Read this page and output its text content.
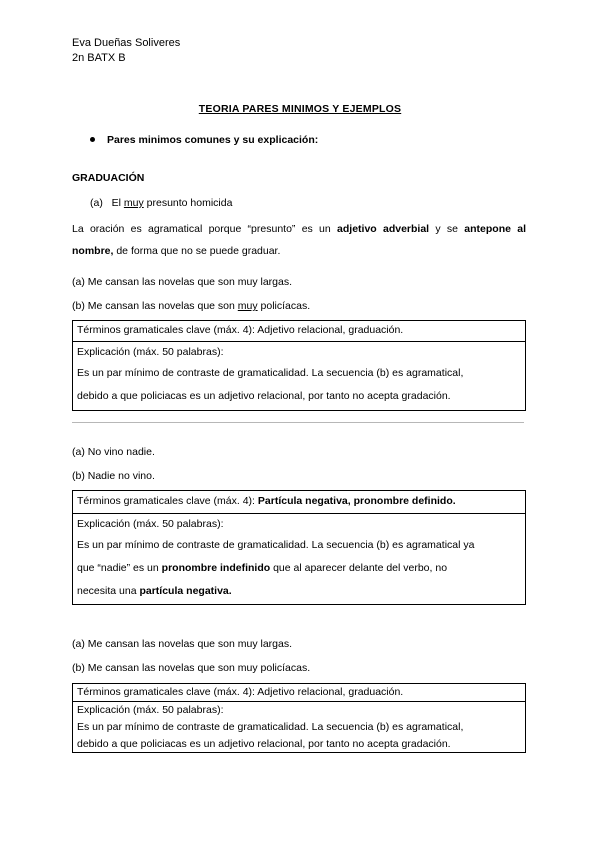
Eva Dueñas Soliveres
2n BATX B
TEORIA PARES MINIMOS Y EJEMPLOS
Pares minimos comunes y su explicación:
GRADUACIÓN
(a) El muy presunto homicida
La oración es agramatical porque “presunto” es un adjetivo adverbial y se antepone al nombre, de forma que no se puede graduar.
(a) Me cansan las novelas que son muy largas.
(b) Me cansan las novelas que son muy policíacas.
Términos gramaticales clave (máx. 4): Adjetivo relacional, graduación.
Explicación (máx. 50 palabras):
Es un par mínimo de contraste de gramaticalidad. La secuencia (b) es agramatical,
debido a que policiacas es un adjetivo relacional, por tanto no acepta gradación.
(a) No vino nadie.
(b) Nadie no vino.
Términos gramaticales clave (máx. 4): Partícula negativa, pronombre definido.
Explicación (máx. 50 palabras):
Es un par mínimo de contraste de gramaticalidad. La secuencia (b) es agramatical ya
que “nadie” es un pronombre indefinido que al aparecer delante del verbo, no
necesita una partícula negativa.
(a) Me cansan las novelas que son muy largas.
(b) Me cansan las novelas que son muy policíacas.
Términos gramaticales clave (máx. 4): Adjetivo relacional, graduación.
Explicación (máx. 50 palabras):
Es un par mínimo de contraste de gramaticalidad. La secuencia (b) es agramatical,
debido a que policiacas es un adjetivo relacional, por tanto no acepta gradación.
